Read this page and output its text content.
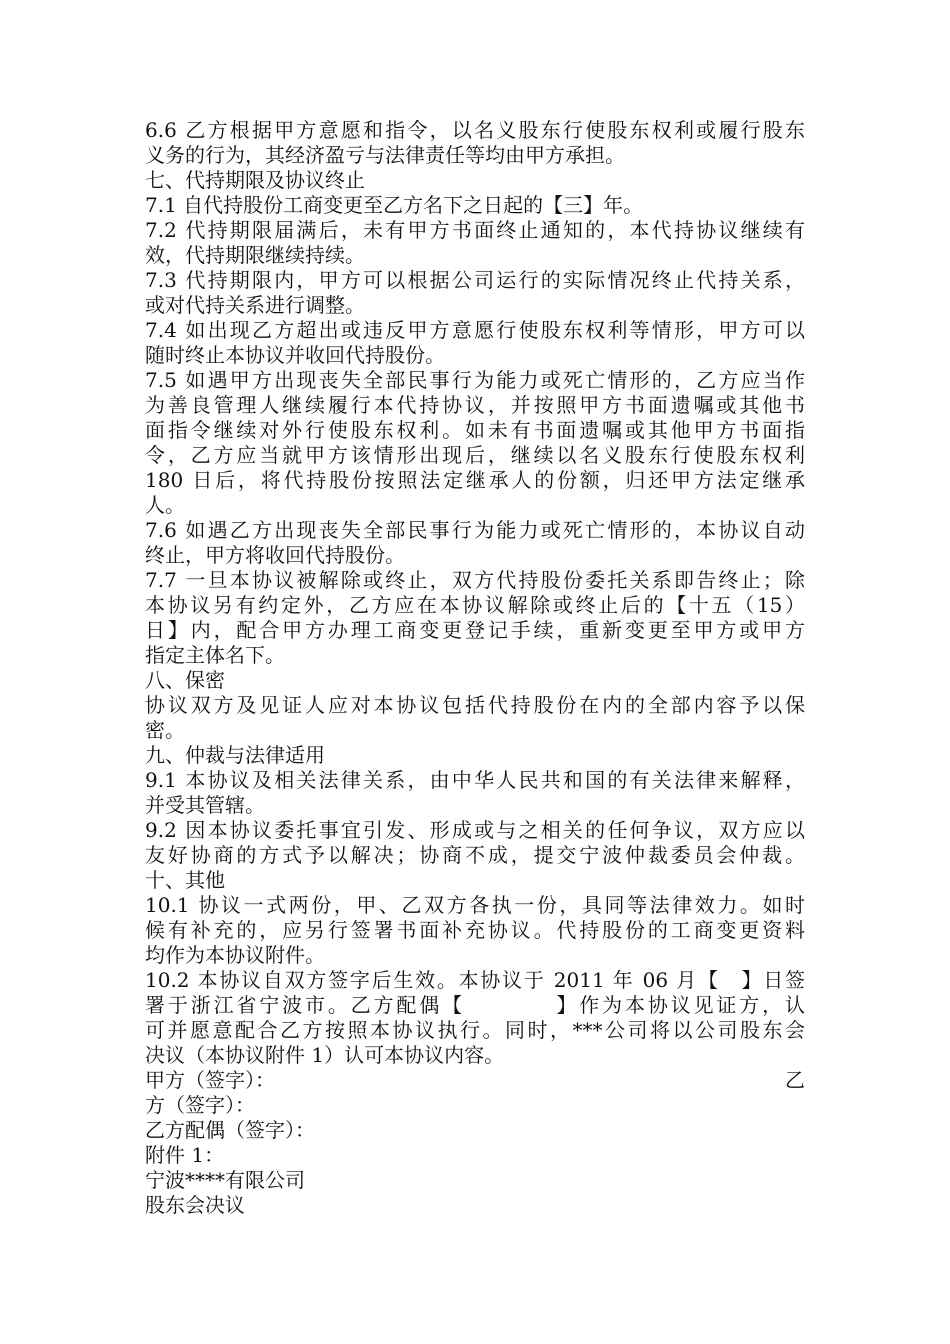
6.6 乙方根据甲方意愿和指令，以名义股东行使股东权利或履行股东
义务的行为，其经济盈亏与法律责任等均由甲方承担。
七、代持期限及协议终止
7.1 自代持股份工商变更至乙方名下之日起的【三】年。
7.2 代持期限届满后，未有甲方书面终止通知的，本代持协议继续有
效，代持期限继续持续。
7.3 代持期限内，甲方可以根据公司运行的实际情况终止代持关系，
或对代持关系进行调整。
7.4 如出现乙方超出或违反甲方意愿行使股东权利等情形，甲方可以
随时终止本协议并收回代持股份。
7.5 如遇甲方出现丧失全部民事行为能力或死亡情形的，乙方应当作
为善良管理人继续履行本代持协议，并按照甲方书面遗嘱或其他书
面指令继续对外行使股东权利。如未有书面遗嘱或其他甲方书面指
令，乙方应当就甲方该情形出现后，继续以名义股东行使股东权利
180 日后，将代持股份按照法定继承人的份额，归还甲方法定继承
人。
7.6 如遇乙方出现丧失全部民事行为能力或死亡情形的，本协议自动
终止，甲方将收回代持股份。
7.7 一旦本协议被解除或终止，双方代持股份委托关系即告终止；除
本协议另有约定外，乙方应在本协议解除或终止后的【十五（15）
日】内，配合甲方办理工商变更登记手续，重新变更至甲方或甲方
指定主体名下。
八、保密
协议双方及见证人应对本协议包括代持股份在内的全部内容予以保
密。
九、仲裁与法律适用
9.1 本协议及相关法律关系，由中华人民共和国的有关法律来解释，
并受其管辖。
9.2 因本协议委托事宜引发、形成或与之相关的任何争议，双方应以
友好协商的方式予以解决；协商不成，提交宁波仲裁委员会仲裁。
十、其他
10.1 协议一式两份，甲、乙双方各执一份，具同等法律效力。如时
候有补充的，应另行签署书面补充协议。代持股份的工商变更资料
均作为本协议附件。
10.2 本协议自双方签字后生效。本协议于 2011 年 06 月【　】日签
署于浙江省宁波市。乙方配偶【　　　　】作为本协议见证方，认
可并愿意配合乙方按照本协议执行。同时，***公司将以公司股东会
决议（本协议附件 1）认可本协议内容。
甲方（签字）：	乙
方（签字）：
乙方配偶（签字）：
附件 1：
宁波****有限公司
股东会决议
